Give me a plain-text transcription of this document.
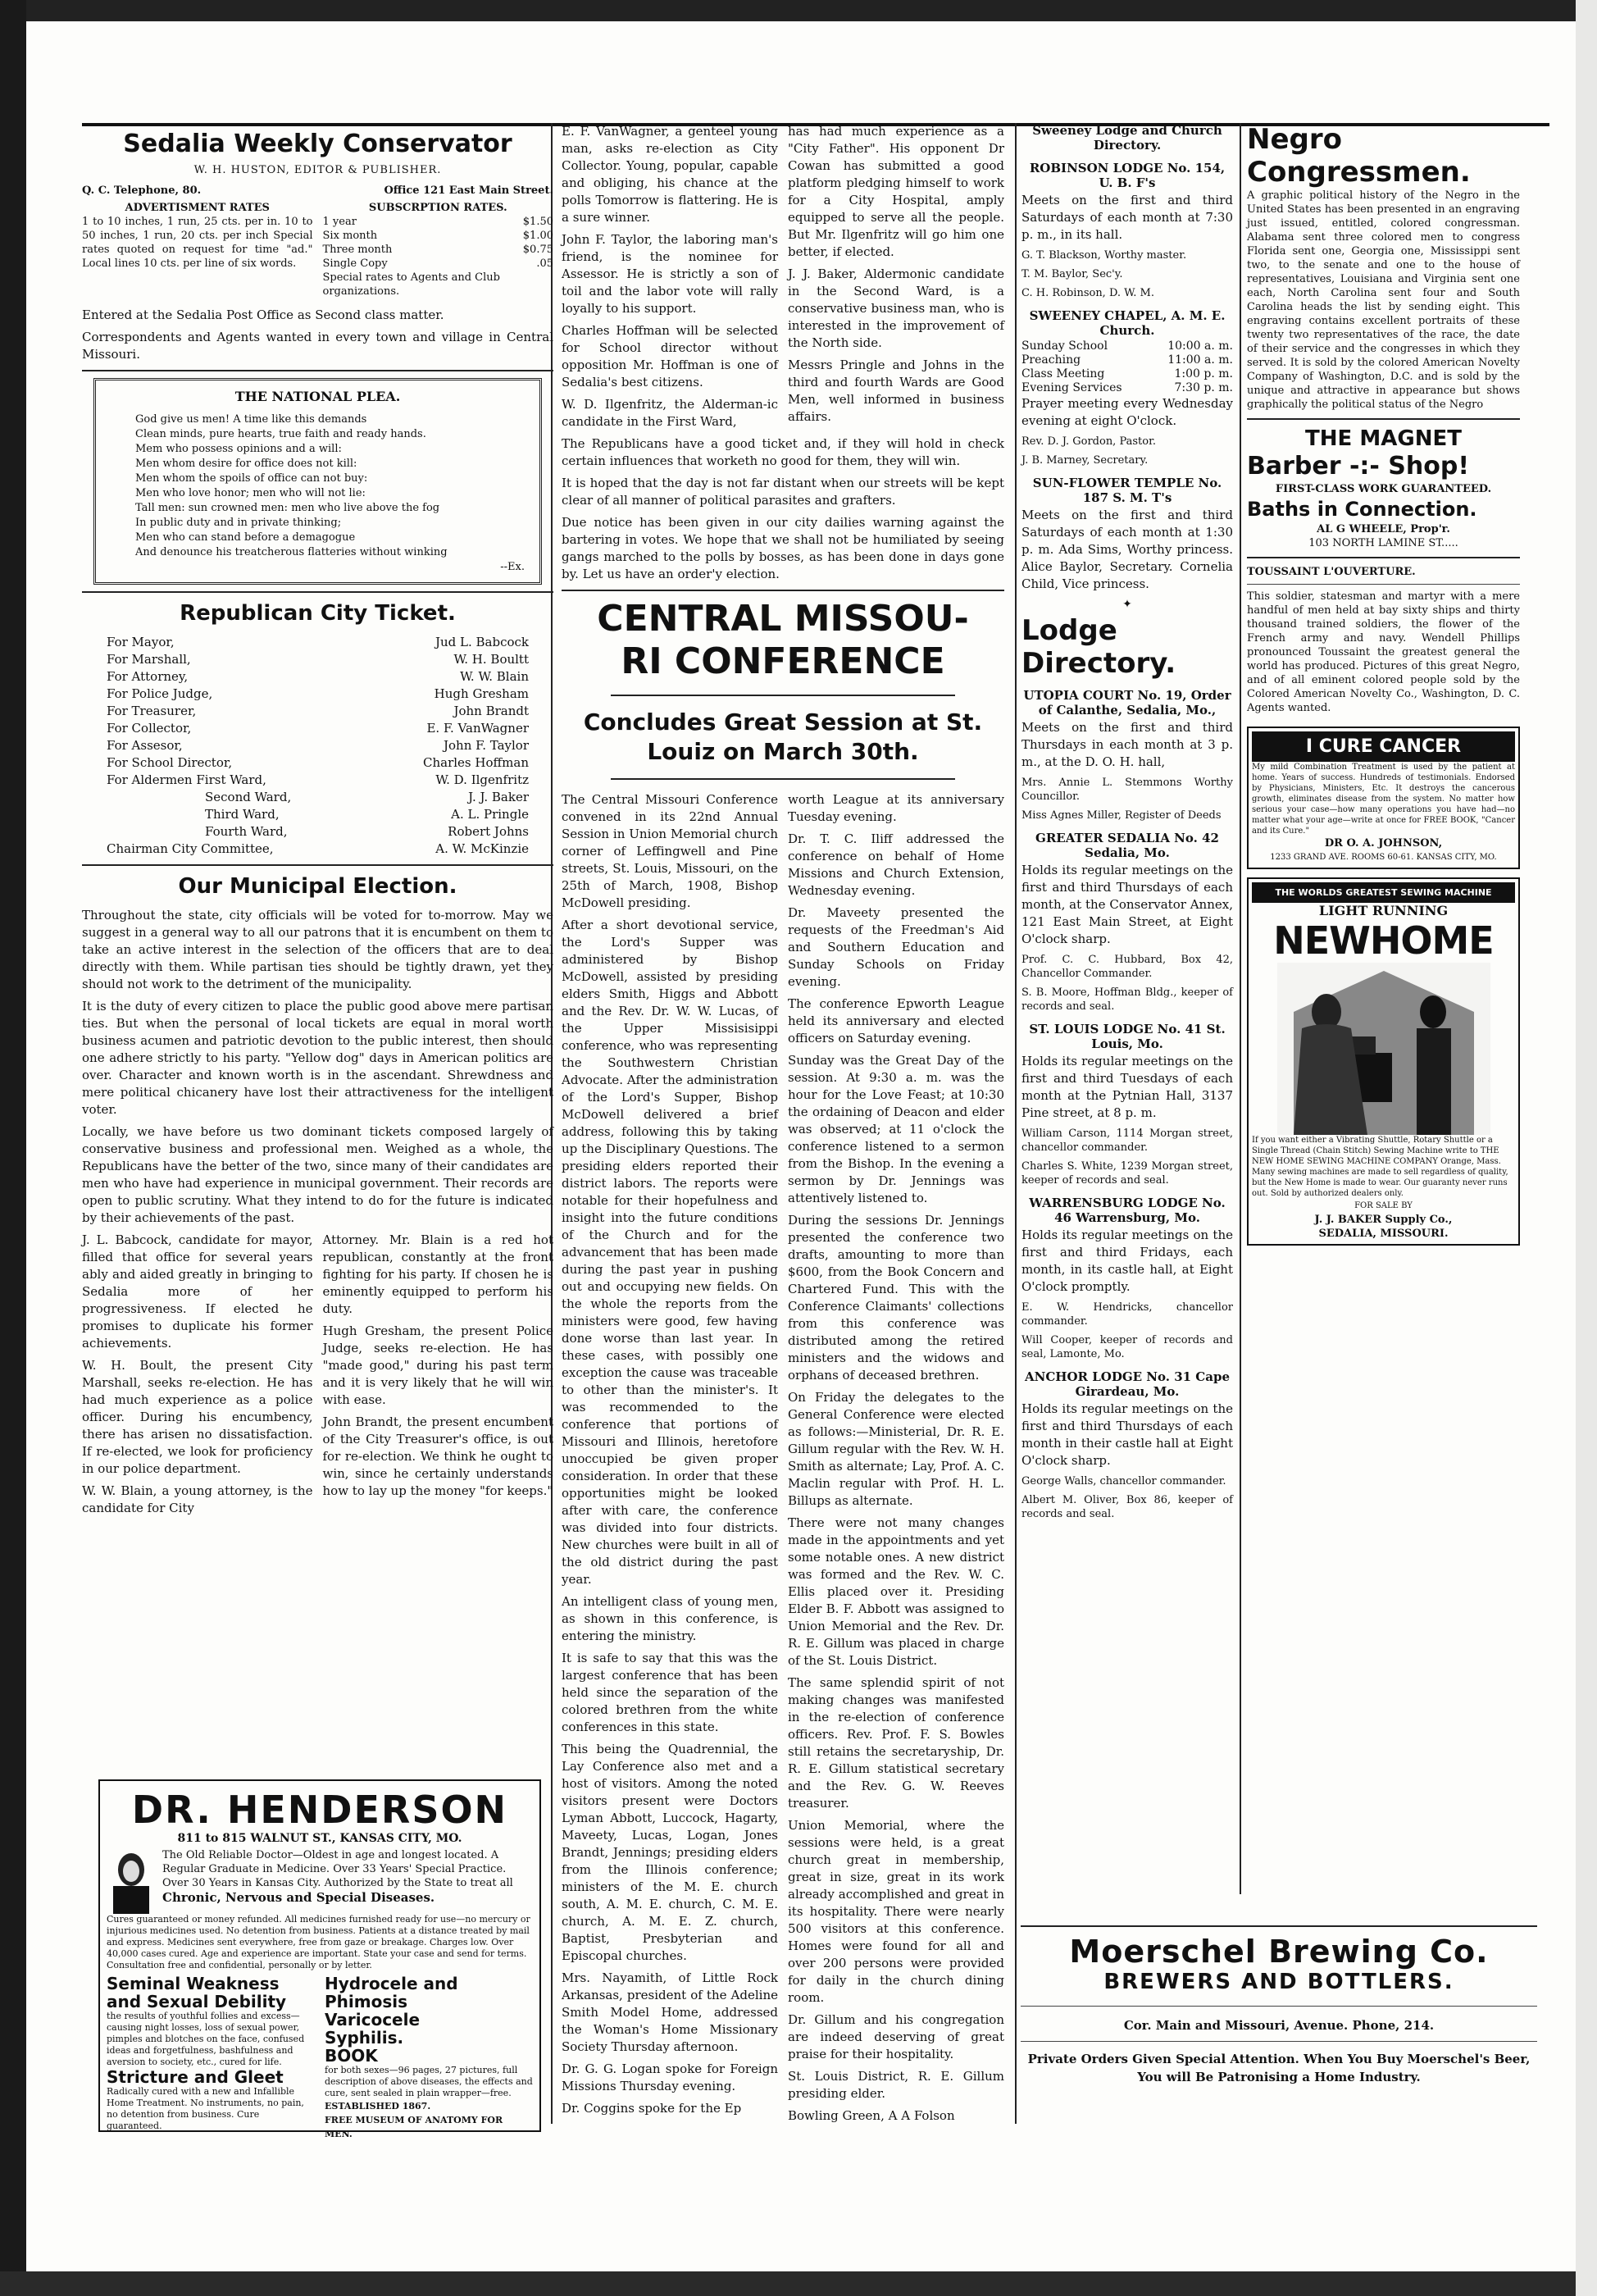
Sedalia Weekly Conservator

W. H. HUSTON, EDITOR & PUBLISHER.

Q. C. Telephone, 80.	Office 121 East Main Street.
ADVERTISMENT RATES
1 to 10 inches, 1 run, 25 cts. per in. 10 to 50 inches, 1 run, 20 cts. per inch Special rates quoted on request for time "ad." Local lines 10 cts. per line of six words.
SUBSCRPTION RATES.
1 year	$1.50
Six month	$1.00
Three month	$0.75
Single Copy	.05
Special rates to Agents and Club organizations.

Entered at the Sedalia Post Office as Second class matter.

Correspondents and Agents wanted in every town and village in Central Missouri.

THE NATIONAL PLEA.
God give us men! A time like this demands
Clean minds, pure hearts, true faith and ready hands.
Mem who possess opinions and a will:
Men whom desire for office does not kill:
Men whom the spoils of office can not buy:
Men who love honor; men who will not lie:
Tall men: sun crowned men: men who live above the fog
In public duty and in private thinking;
Men who can stand before a demagogue
And denounce his treatcherous flatteries without winking
--Ex.
Republican City Ticket.
For Mayor,	Jud L. Babcock
For Marshall,	W. H. Boultt
For Attorney,	W. W. Blain
For Police Judge,	Hugh Gresham
For Treasurer,	John Brandt
For Collector,	E. F. VanWagner
For Assesor,	John F. Taylor
For School Director,	Charles Hoffman
For Aldermen First Ward,	W. D. Ilgenfritz
Second Ward,	J. J. Baker
Third Ward,	A. L. Pringle
Fourth Ward,	Robert Johns
Chairman City Committee,	A. W. McKinzie
Our Municipal Election.

Throughout the state, city officials will be voted for to-morrow. May we suggest in a general way to all our patrons that it is encumbent on them to take an active interest in the selection of the officers that are to deal directly with them. While partisan ties should be tightly drawn, yet they should not work to the detriment of the municipality.

It is the duty of every citizen to place the public good above mere partisan ties. But when the personal of local tickets are equal in moral worth business acumen and patriotic devotion to the public interest, then should one adhere strictly to his party. "Yellow dog" days in American politics are over. Character and known worth is in the ascendant. Shrewdness and mere political chicanery have lost their attractiveness for the intelligent voter.

Locally, we have before us two dominant tickets composed largely of conservative business and professional men. Weighed as a whole, the Republicans have the better of the two, since many of their candidates are men who have had experience in municipal government. Their records are open to public scrutiny. What they intend to do for the future is indicated by their achievements of the past.

J. L. Babcock, candidate for mayor, filled that office for several years ably and aided greatly in bringing to Sedalia more of her progressiveness. If elected he promises to duplicate his former achievements.

W. H. Boult, the present City Marshall, seeks re-election. He has had much experience as a police officer. During his encumbency, there has arisen no dissatisfaction. If re-elected, we look for proficiency in our police department.

W. W. Blain, a young attorney, is the candidate for City

Attorney. Mr. Blain is a red hot republican, constantly at the front fighting for his party. If chosen he is eminently equipped to perform his duty.

Hugh Gresham, the present Police Judge, seeks re-election. He has "made good," during his past term and it is very likely that he will win with ease.

John Brandt, the present encumbent of the City Treasurer's office, is out for re-election. We think he ought to win, since he certainly understands how to lay up the money "for keeps."

DR. HENDERSON
811 to 815 WALNUT ST., KANSAS CITY, MO.
The Old Reliable Doctor—Oldest in age and longest located. A Regular Graduate in Medicine. Over 33 Years' Special Practice. Over 30 Years in Kansas City. Authorized by the State to treat all
Chronic, Nervous and Special Diseases.
Cures guaranteed or money refunded. All medicines furnished ready for use—no mercury or injurious medicines used. No detention from business. Patients at a distance treated by mail and express. Medicines sent everywhere, free from gaze or breakage. Charges low. Over 40,000 cases cured. Age and experience are important. State your case and send for terms. Consultation free and confidential, personally or by letter.
Seminal Weakness and Sexual Debility
the results of youthful follies and excess—causing night losses, loss of sexual power, pimples and blotches on the face, confused ideas and forgetfulness, bashfulness and aversion to society, etc., cured for life.
Stricture and Gleet
Radically cured with a new and Infallible Home Treatment. No instruments, no pain, no detention from business. Cure guaranteed.
Hydrocele and Phimosis
Varicocele
Syphilis.
BOOK
for both sexes—96 pages, 27 pictures, full description of above diseases, the effects and cure, sent sealed in plain wrapper—free.
ESTABLISHED 1867.
FREE MUSEUM OF ANATOMY FOR MEN.

E. F. VanWagner, a genteel young man, asks re-election as City Collector. Young, popular, capable and obliging, his chance at the polls Tomorrow is flattering. He is a sure winner.

John F. Taylor, the laboring man's friend, is the nominee for Assessor. He is strictly a son of toil and the labor vote will rally loyally to his support.

Charles Hoffman will be selected for School director without opposition Mr. Hoffman is one of Sedalia's best citizens.

W. D. Ilgenfritz, the Alderman-ic candidate in the First Ward,

has had much experience as a "City Father". His opponent Dr Cowan has submitted a good platform pledging himself to work for a City Hospital, amply equipped to serve all the people. But Mr. Ilgenfritz will go him one better, if elected.

J. J. Baker, Aldermonic candidate in the Second Ward, is a conservative business man, who is interested in the improvement of the North side.

Messrs Pringle and Johns in the third and fourth Wards are Good Men, well informed in business affairs.

The Republicans have a good ticket and, if they will hold in check certain influences that worketh no good for them, they will win.

It is hoped that the day is not far distant when our streets will be kept clear of all manner of political parasites and grafters.

Due notice has been given in our city dailies warning against the bartering in votes. We hope that we shall not be humiliated by seeing gangs marched to the polls by bosses, as has been done in days gone by. Let us have an order'y election.

CENTRAL MISSOU-
RI CONFERENCE
Concludes Great Session at St. Louiz on March 30th.

The Central Missouri Conference convened in its 22nd Annual Session in Union Memorial church corner of Leffingwell and Pine streets, St. Louis, Missouri, on the 25th of March, 1908, Bishop McDowell presiding.

After a short devotional service, the Lord's Supper was administered by Bishop McDowell, assisted by presiding elders Smith, Higgs and Abbott and the Rev. Dr. W. W. Lucas, of the Upper Missisisippi conference, who was representing the Southwestern Christian Advocate. After the administration of the Lord's Supper, Bishop McDowell delivered a brief address, following this by taking up the Disciplinary Questions. The presiding elders reported their district labors. The reports were notable for their hopefulness and insight into the future conditions of the Church and for the advancement that has been made during the past year in pushing out and occupying new fields. On the whole the reports from the ministers were good, few having done worse than last year. In these cases, with possibly one exception the cause was traceable to other than the minister's. It was recommended to the conference that portions of Missouri and Illinois, heretofore unoccupied be given proper consideration. In order that these opportunities might be looked after with care, the conference was divided into four districts. New churches were built in all of the old district during the past year.

An intelligent class of young men, as shown in this conference, is entering the ministry.

It is safe to say that this was the largest conference that has been held since the separation of the colored brethren from the white conferences in this state.

This being the Quadrennial, the Lay Conference also met and a host of visitors. Among the noted visitors present were Doctors Lyman Abbott, Luccock, Hagarty, Maveety, Lucas, Logan, Jones Brandt, Jennings; presiding elders from the Illinois conference; ministers of the M. E. church south, A. M. E. church, C. M. E. church, A. M. E. Z. church, Baptist, Presbyterian and Episcopal churches.

Mrs. Nayamith, of Little Rock Arkansas, president of the Adeline Smith Model Home, addressed the Woman's Home Missionary Society Thursday afternoon.

Dr. G. G. Logan spoke for Foreign Missions Thursday evening.

Dr. Coggins spoke for the Ep

worth League at its anniversary Tuesday evening.

Dr. T. C. Iliff addressed the conference on behalf of Home Missions and Church Extension, Wednesday evening.

Dr. Maveety presented the requests of the Freedman's Aid and Southern Education and Sunday Schools on Friday evening.

The conference Epworth League held its anniversary and elected officers on Saturday evening.

Sunday was the Great Day of the session. At 9:30 a. m. was the hour for the Love Feast; at 10:30 the ordaining of Deacon and elder was observed; at 11 o'clock the conference listened to a sermon from the Bishop. In the evening a sermon by Dr. Jennings was attentively listened to.

During the sessions Dr. Jennings presented the conference two drafts, amounting to more than $600, from the Book Concern and Chartered Fund. This with the Conference Claimants' collections from this conference was distributed among the retired ministers and the widows and orphans of deceased brethren.

On Friday the delegates to the General Conference were elected as follows:—Ministerial, Dr. R. E. Gillum regular with the Rev. W. H. Smith as alternate; Lay, Prof. A. C. Maclin regular with Prof. H. L. Billups as alternate.

There were not many changes made in the appointments and yet some notable ones. A new district was formed and the Rev. W. C. Ellis placed over it. Presiding Elder B. F. Abbott was assigned to Union Memorial and the Rev. Dr. R. E. Gillum was placed in charge of the St. Louis District.

The same splendid spirit of not making changes was manifested in the re-election of conference officers. Rev. Prof. F. S. Bowles still retains the secretaryship, Dr. R. E. Gillum statistical secretary and the Rev. G. W. Reeves treasurer.

Union Memorial, where the sessions were held, is a great church great in membership, great in size, great in its work already accomplished and great in its hospitality. There were nearly 500 visitors at this conference. Homes were found for all and over 200 persons were provided for daily in the church dining room.

Dr. Gillum and his congregation are indeed deserving of great praise for their hospitality.

St. Louis District, R. E. Gillum presiding elder.

Bowling Green, A A Folson

Sweeney Lodge and Church Directory.
ROBINSON LODGE No. 154, U. B. F's

Meets on the first and third Saturdays of each month at 7:30 p. m., in its hall.

G. T. Blackson, Worthy master.

T. M. Baylor, Sec'y.

C. H. Robinson, D. W. M.

SWEENEY CHAPEL, A. M. E. Church.
Sunday School	10:00 a. m.
Preaching	11:00 a. m.
Class Meeting	1:00 p. m.
Evening Services	7:30 p. m.

Prayer meeting every Wednesday evening at eight O'clock.

Rev. D. J. Gordon, Pastor.

J. B. Marney, Secretary.

SUN-FLOWER TEMPLE No. 187 S. M. T's

Meets on the first and third Saturdays of each month at 1:30 p. m. Ada Sims, Worthy princess. Alice Baylor, Secretary. Cornelia Child, Vice princess.

✦
Lodge Directory.
UTOPIA COURT No. 19, Order of Calanthe, Sedalia, Mo.,

Meets on the first and third Thursdays in each month at 3 p. m., at the D. O. H. hall,

Mrs. Annie L. Stemmons Worthy Councillor.

Miss Agnes Miller, Register of Deeds

GREATER SEDALIA No. 42 Sedalia, Mo.

Holds its regular meetings on the first and third Thursdays of each month, at the Conservator Annex, 121 East Main Street, at Eight O'clock sharp.

Prof. C. C. Hubbard, Box 42, Chancellor Commander.

S. B. Moore, Hoffman Bldg., keeper of records and seal.

ST. LOUIS LODGE No. 41 St. Louis, Mo.

Holds its regular meetings on the first and third Tuesdays of each month at the Pytnian Hall, 3137 Pine street, at 8 p. m.

William Carson, 1114 Morgan street, chancellor commander.

Charles S. White, 1239 Morgan street, keeper of records and seal.

WARRENSBURG LODGE No. 46 Warrensburg, Mo.

Holds its regular meetings on the first and third Fridays, each month, in its castle hall, at Eight O'clock promptly.

E. W. Hendricks, chancellor commander.

Will Cooper, keeper of records and seal, Lamonte, Mo.

ANCHOR LODGE No. 31 Cape Girardeau, Mo.

Holds its regular meetings on the first and third Thursdays of each month in their castle hall at Eight O'clock sharp.

George Walls, chancellor commander.

Albert M. Oliver, Box 86, keeper of records and seal.

Negro Congressmen.

A graphic political history of the Negro in the United States has been presented in an engraving just issued, entitled, colored congressman. Alabama sent three colored men to congress Florida sent one, Georgia one, Mississippi sent two, to the senate and one to the house of representatives, Louisiana and Virginia sent one each, North Carolina sent four and South Carolina heads the list by sending eight. This engraving contains excellent portraits of these twenty two representatives of the race, the date of their service and the congresses in which they served. It is sold by the colored American Novelty Company of Washington, D.C. and is sold by the unique and attractive in appearance but shows graphically the political status of the Negro

THE MAGNET
Barber -:- Shop!
FIRST-CLASS WORK GUARANTEED.
Baths in Connection.
AL G WHEELE, Prop'r.
103 NORTH LAMINE ST.....
TOUSSAINT L'OUVERTURE.

This soldier, statesman and martyr with a mere handful of men held at bay sixty ships and thirty thousand trained soldiers, the flower of the French army and navy. Wendell Phillips pronounced Toussaint the greatest general the world has produced. Pictures of this great Negro, and of all eminent colored people sold by the Colored American Novelty Co., Washington, D. C. Agents wanted.

I CURE CANCER
My mild Combination Treatment is used by the patient at home. Years of success. Hundreds of testimonials. Endorsed by Physicians, Ministers, Etc. It destroys the cancerous growth, eliminates disease from the system. No matter how serious your case—how many operations you have had—no matter what your age—write at once for FREE BOOK, "Cancer and its Cure."
DR O. A. JOHNSON,
1233 GRAND AVE. ROOMS 60-61. KANSAS CITY, MO.
THE WORLDS GREATEST SEWING MACHINE
LIGHT RUNNING
NEWHOME
If you want either a Vibrating Shuttle, Rotary Shuttle or a Single Thread (Chain Stitch) Sewing Machine write to THE NEW HOME SEWING MACHINE COMPANY Orange, Mass.
Many sewing machines are made to sell regardless of quality, but the New Home is made to wear. Our guaranty never runs out. Sold by authorized dealers only.
FOR SALE BY
J. J. BAKER Supply Co.,
SEDALIA, MISSOURI.
Moerschel Brewing Co.
BREWERS AND BOTTLERS.
Cor. Main and Missouri, Avenue. Phone, 214.
Private Orders Given Special Attention. When You Buy Moerschel's Beer, You will Be Patronising a Home Industry.
